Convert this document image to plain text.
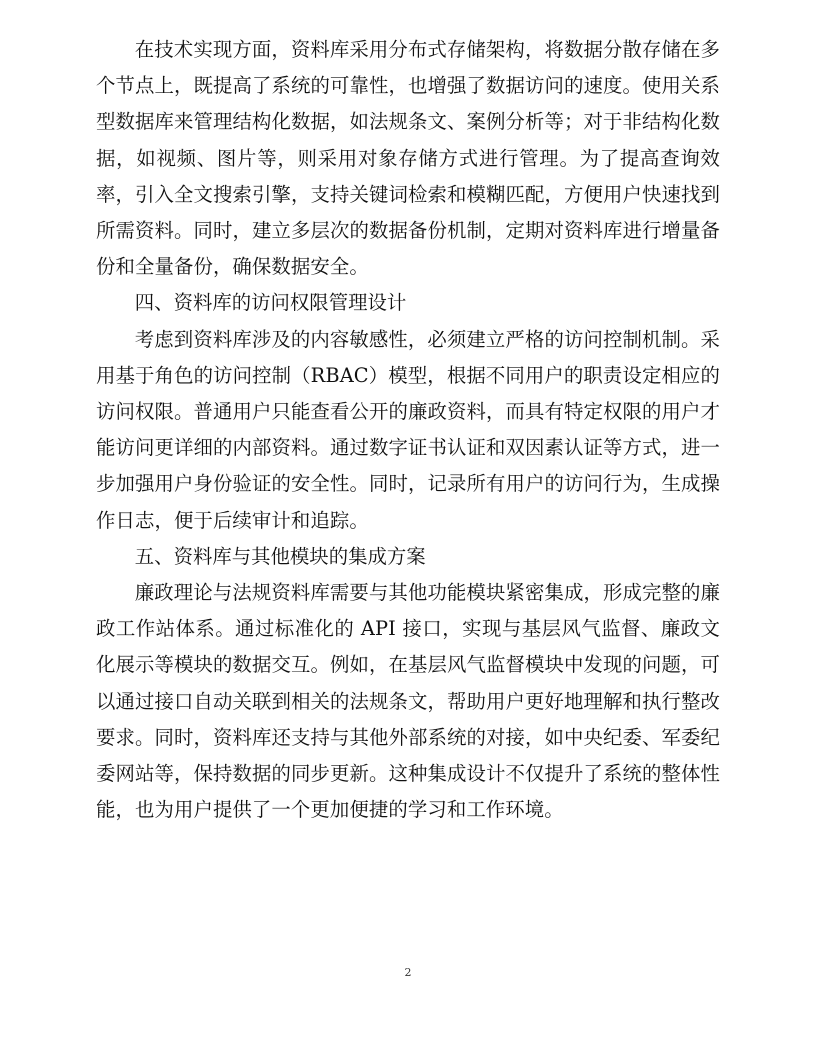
在技术实现方面，资料库采用分布式存储架构，将数据分散存储在多个节点上，既提高了系统的可靠性，也增强了数据访问的速度。使用关系型数据库来管理结构化数据，如法规条文、案例分析等；对于非结构化数据，如视频、图片等，则采用对象存储方式进行管理。为了提高查询效率，引入全文搜索引擎，支持关键词检索和模糊匹配，方便用户快速找到所需资料。同时，建立多层次的数据备份机制，定期对资料库进行增量备份和全量备份，确保数据安全。

四、资料库的访问权限管理设计

考虑到资料库涉及的内容敏感性，必须建立严格的访问控制机制。采用基于角色的访问控制（RBAC）模型，根据不同用户的职责设定相应的访问权限。普通用户只能查看公开的廉政资料，而具有特定权限的用户才能访问更详细的内部资料。通过数字证书认证和双因素认证等方式，进一步加强用户身份验证的安全性。同时，记录所有用户的访问行为，生成操作日志，便于后续审计和追踪。

五、资料库与其他模块的集成方案

廉政理论与法规资料库需要与其他功能模块紧密集成，形成完整的廉政工作站体系。通过标准化的 API 接口，实现与基层风气监督、廉政文化展示等模块的数据交互。例如，在基层风气监督模块中发现的问题，可以通过接口自动关联到相关的法规条文，帮助用户更好地理解和执行整改要求。同时，资料库还支持与其他外部系统的对接，如中央纪委、军委纪委网站等，保持数据的同步更新。这种集成设计不仅提升了系统的整体性能，也为用户提供了一个更加便捷的学习和工作环境。

2
